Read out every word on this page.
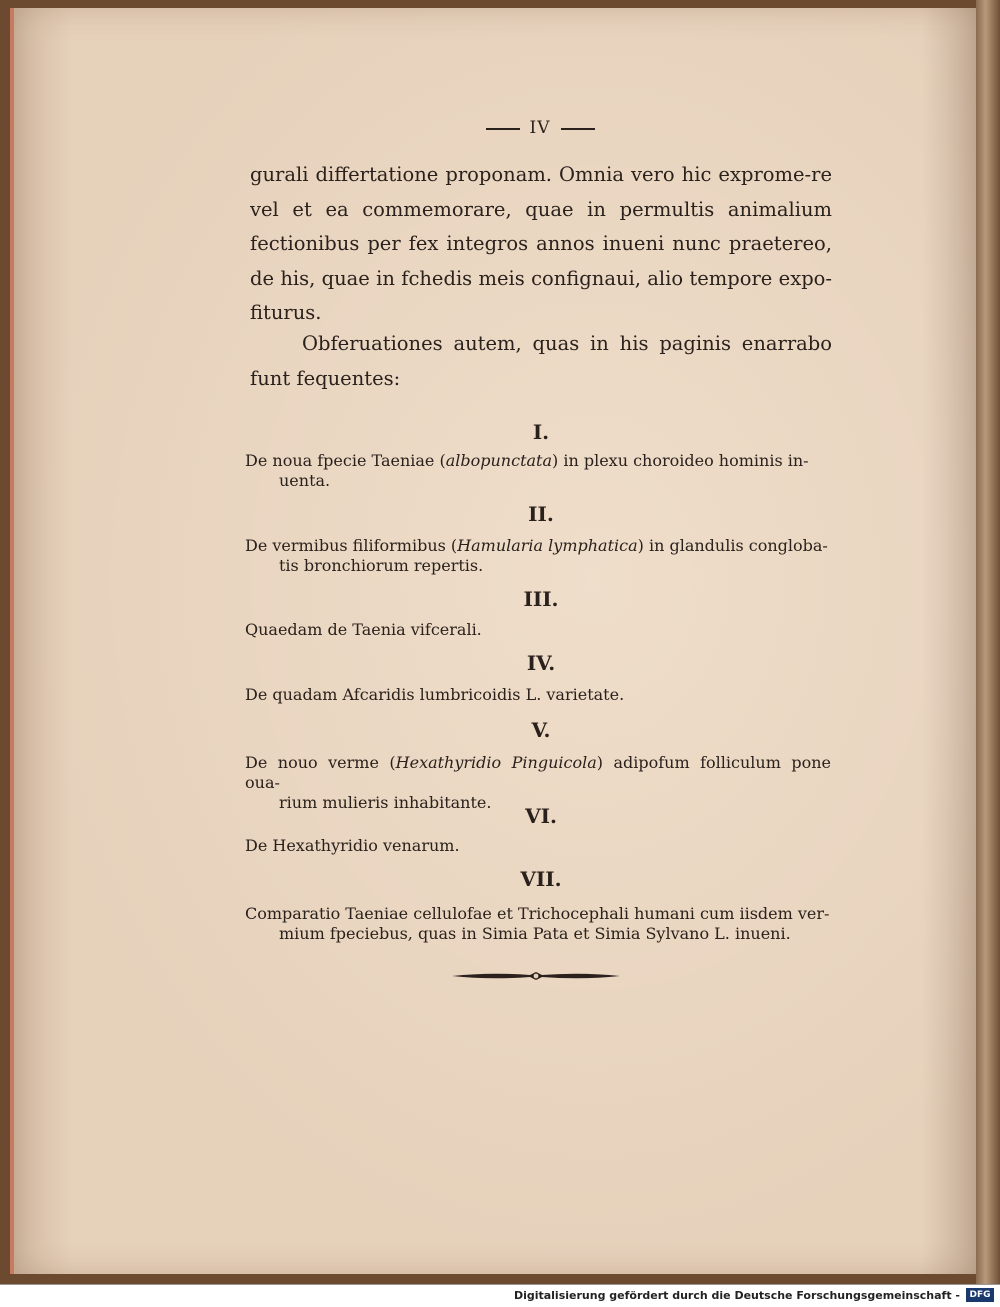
IV
gurali differtatione proponam. Omnia vero hic exprome-re vel et ea commemorare, quae in permultis animalium fectionibus per fex integros annos inueni nunc praetereo, de his, quae in fchedis meis confignaui, alio tempore expo-fiturus.
Obferuationes autem, quas in his paginis enarrabo funt fequentes:
I.
De noua fpecie Taeniae (albopunctata) in plexu choroideo hominis in-
uenta.
II.
De vermibus filiformibus (Hamularia lymphatica) in glandulis congloba-
tis bronchiorum repertis.
III.
Quaedam de Taenia vifcerali.
IV.
De quadam Afcaridis lumbricoidis L. varietate.
V.
De nouo verme (Hexathyridio Pinguicola) adipofum folliculum pone oua-
rium mulieris inhabitante.
VI.
De Hexathyridio venarum.
VII.
Comparatio Taeniae cellulofae et Trichocephali humani cum iisdem ver-
mium fpeciebus, quas in Simia Pata et Simia Sylvano L. inueni.
Digitalisierung gefördert durch die Deutsche Forschungsgemeinschaft -	DFG
